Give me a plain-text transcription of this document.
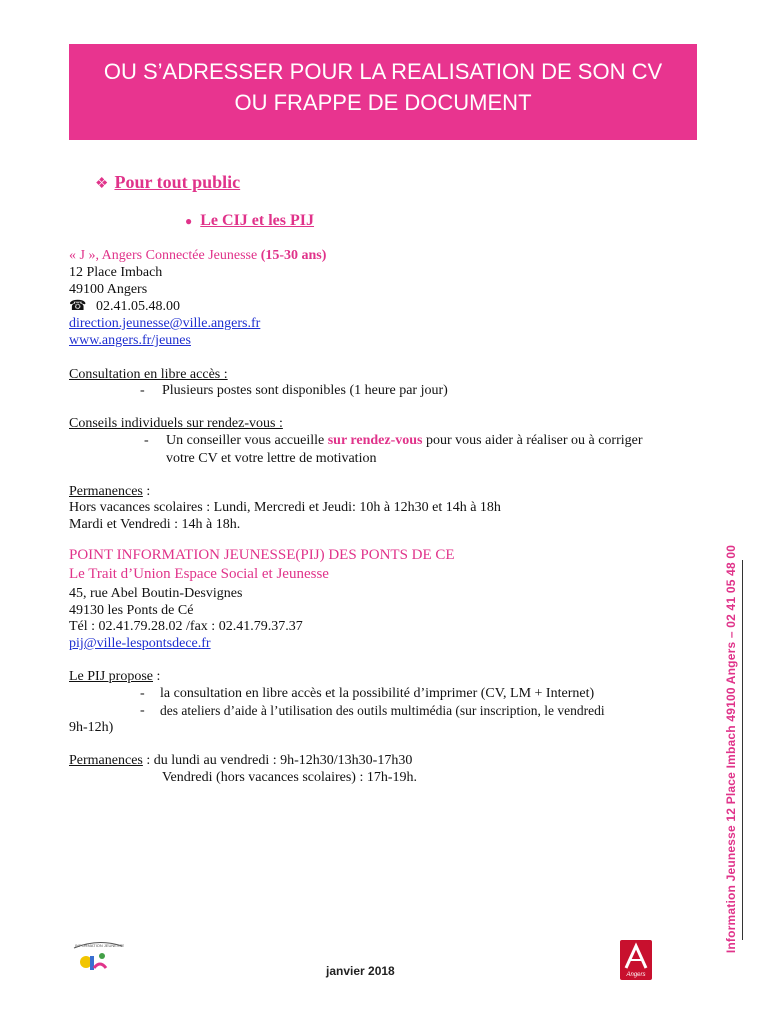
OU S’ADRESSER POUR LA REALISATION DE SON CV
OU FRAPPE DE DOCUMENT
❖ Pour tout public
● Le CIJ et les PIJ
« J », Angers Connectée Jeunesse (15-30 ans)
12 Place Imbach
49100 Angers
☎ 02.41.05.48.00
direction.jeunesse@ville.angers.fr
www.angers.fr/jeunes
Consultation en libre accès :
- Plusieurs postes sont disponibles (1 heure par jour)
Conseils individuels sur rendez-vous :
- Un conseiller vous accueille sur rendez-vous pour vous aider à réaliser ou à corriger
votre CV et votre lettre de motivation
Permanences :
Hors vacances scolaires : Lundi, Mercredi et Jeudi: 10h à 12h30 et 14h à 18h
Mardi et Vendredi : 14h à 18h.
POINT INFORMATION JEUNESSE(PIJ) DES PONTS DE CE
Le Trait d’Union Espace Social et Jeunesse
45, rue Abel Boutin-Desvignes
49130 les Ponts de Cé
Tél : 02.41.79.28.02 /fax : 02.41.79.37.37
pij@ville-lespontsdece.fr
Le PIJ propose :
- la consultation en libre accès et la possibilité d’imprimer (CV, LM + Internet)
- des ateliers d’aide à l’utilisation des outils multimédia (sur inscription, le vendredi
9h-12h)
Permanences : du lundi au vendredi : 9h-12h30/13h30-17h30
Vendredi (hors vacances scolaires) : 17h-19h.	Information Jeunesse 12 Place Imbach 49100 Angers – 02 41 05 48 00
INFORMATION JEUNESSE
janvier 2018	Angers
